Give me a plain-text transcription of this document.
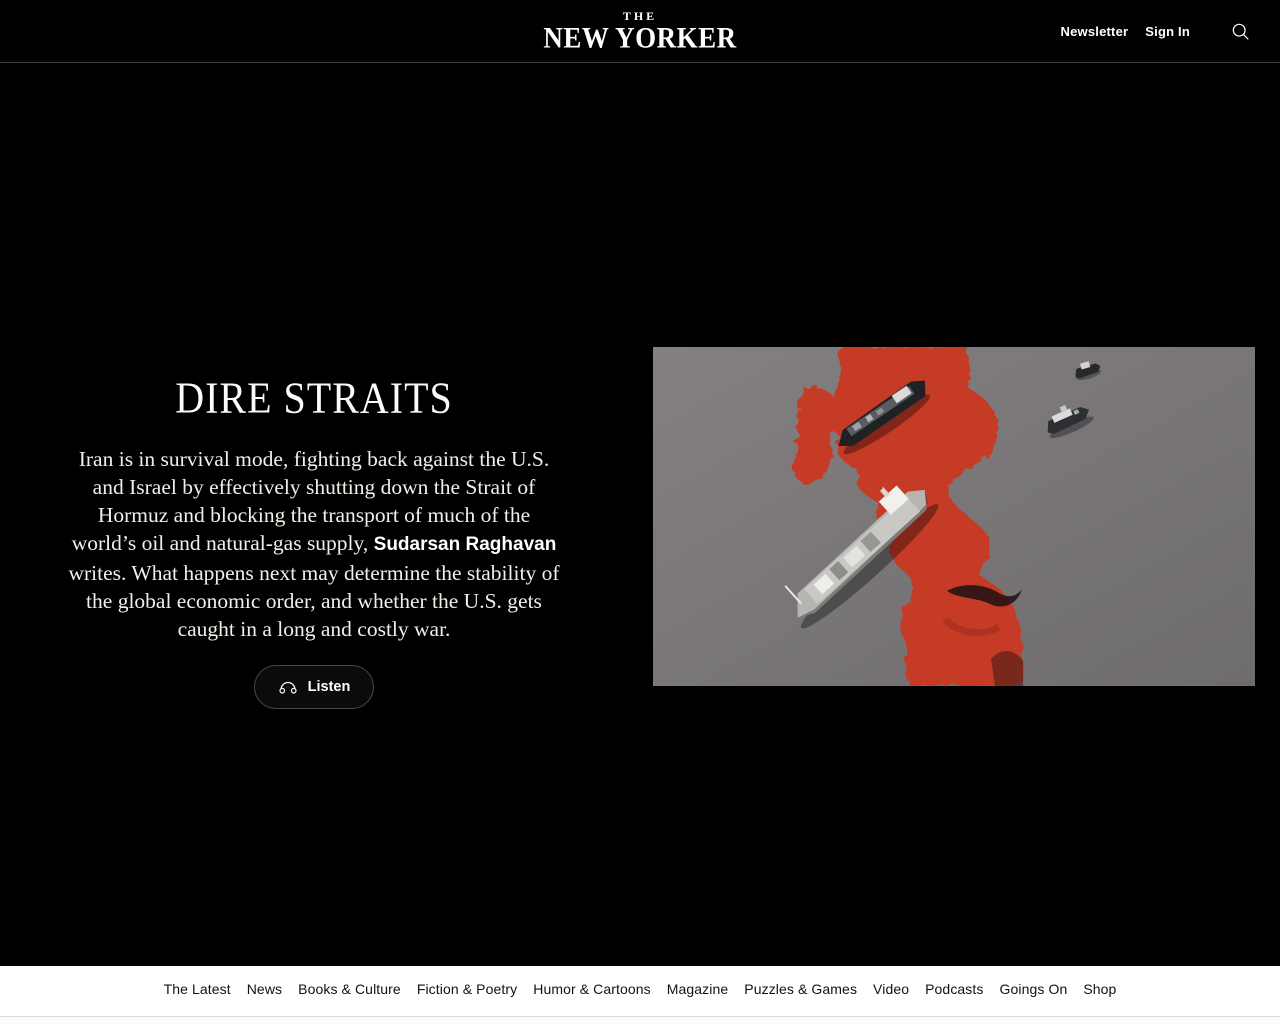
THE
NEW YORKER	Newsletter Sign In
DIRE STRAITS
Iran is in survival mode, fighting back against the U.S. and Israel by effectively shutting down the Strait of Hormuz and blocking the transport of much of the world’s oil and natural-gas supply, Sudarsan Raghavan writes. What happens next may determine the stability of the global economic order, and whether the U.S. gets caught in a long and costly war.
Listen
The Latest News Books & Culture Fiction & Poetry Humor & Cartoons Magazine Puzzles & Games Video Podcasts Goings On Shop
